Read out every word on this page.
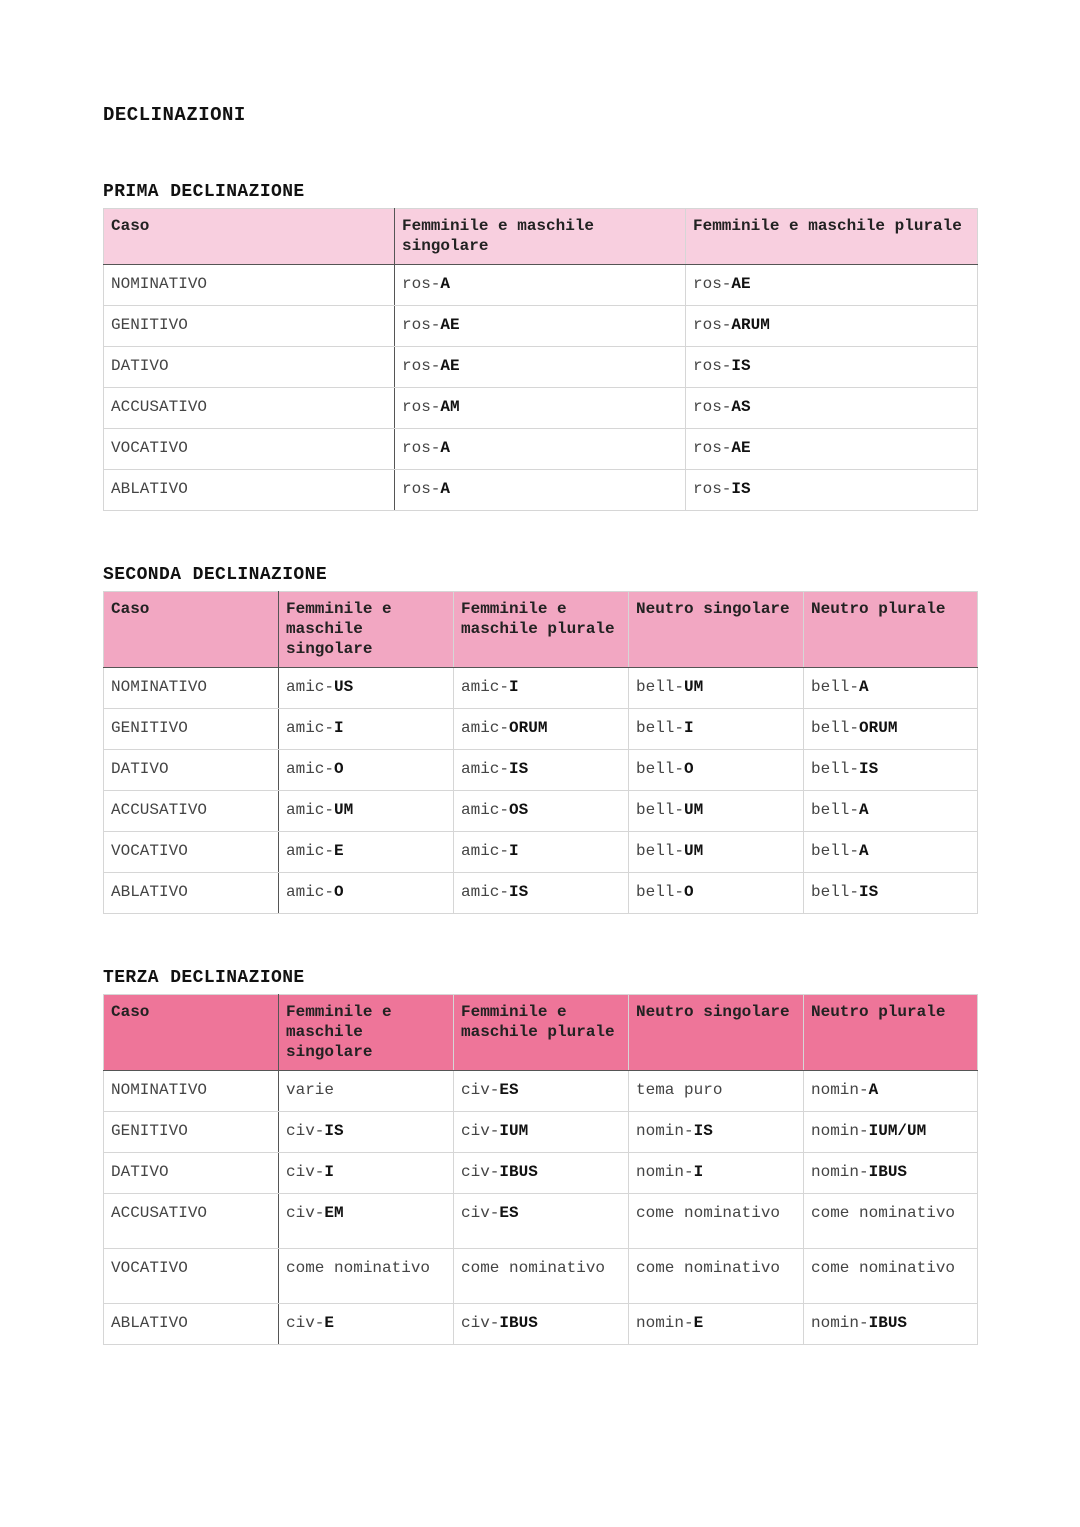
DECLINAZIONI
PRIMA DECLINAZIONE
Caso	Femminile e maschile singolare	Femminile e maschile plurale
NOMINATIVO	ros-A	ros-AE
GENITIVO	ros-AE	ros-ARUM
DATIVO	ros-AE	ros-IS
ACCUSATIVO	ros-AM	ros-AS
VOCATIVO	ros-A	ros-AE
ABLATIVO	ros-A	ros-IS
SECONDA DECLINAZIONE
Caso	Femminile e maschile singolare	Femminile e maschile plurale	Neutro singolare	Neutro plurale
NOMINATIVO	amic-US	amic-I	bell-UM	bell-A
GENITIVO	amic-I	amic-ORUM	bell-I	bell-ORUM
DATIVO	amic-O	amic-IS	bell-O	bell-IS
ACCUSATIVO	amic-UM	amic-OS	bell-UM	bell-A
VOCATIVO	amic-E	amic-I	bell-UM	bell-A
ABLATIVO	amic-O	amic-IS	bell-O	bell-IS
TERZA DECLINAZIONE
Caso	Femminile e maschile singolare	Femminile e maschile plurale	Neutro singolare	Neutro plurale
NOMINATIVO	varie	civ-ES	tema puro	nomin-A
GENITIVO	civ-IS	civ-IUM	nomin-IS	nomin-IUM/UM
DATIVO	civ-I	civ-IBUS	nomin-I	nomin-IBUS
ACCUSATIVO	civ-EM	civ-ES	come nominativo	come nominativo
VOCATIVO	come nominativo	come nominativo	come nominativo	come nominativo
ABLATIVO	civ-E	civ-IBUS	nomin-E	nomin-IBUS
